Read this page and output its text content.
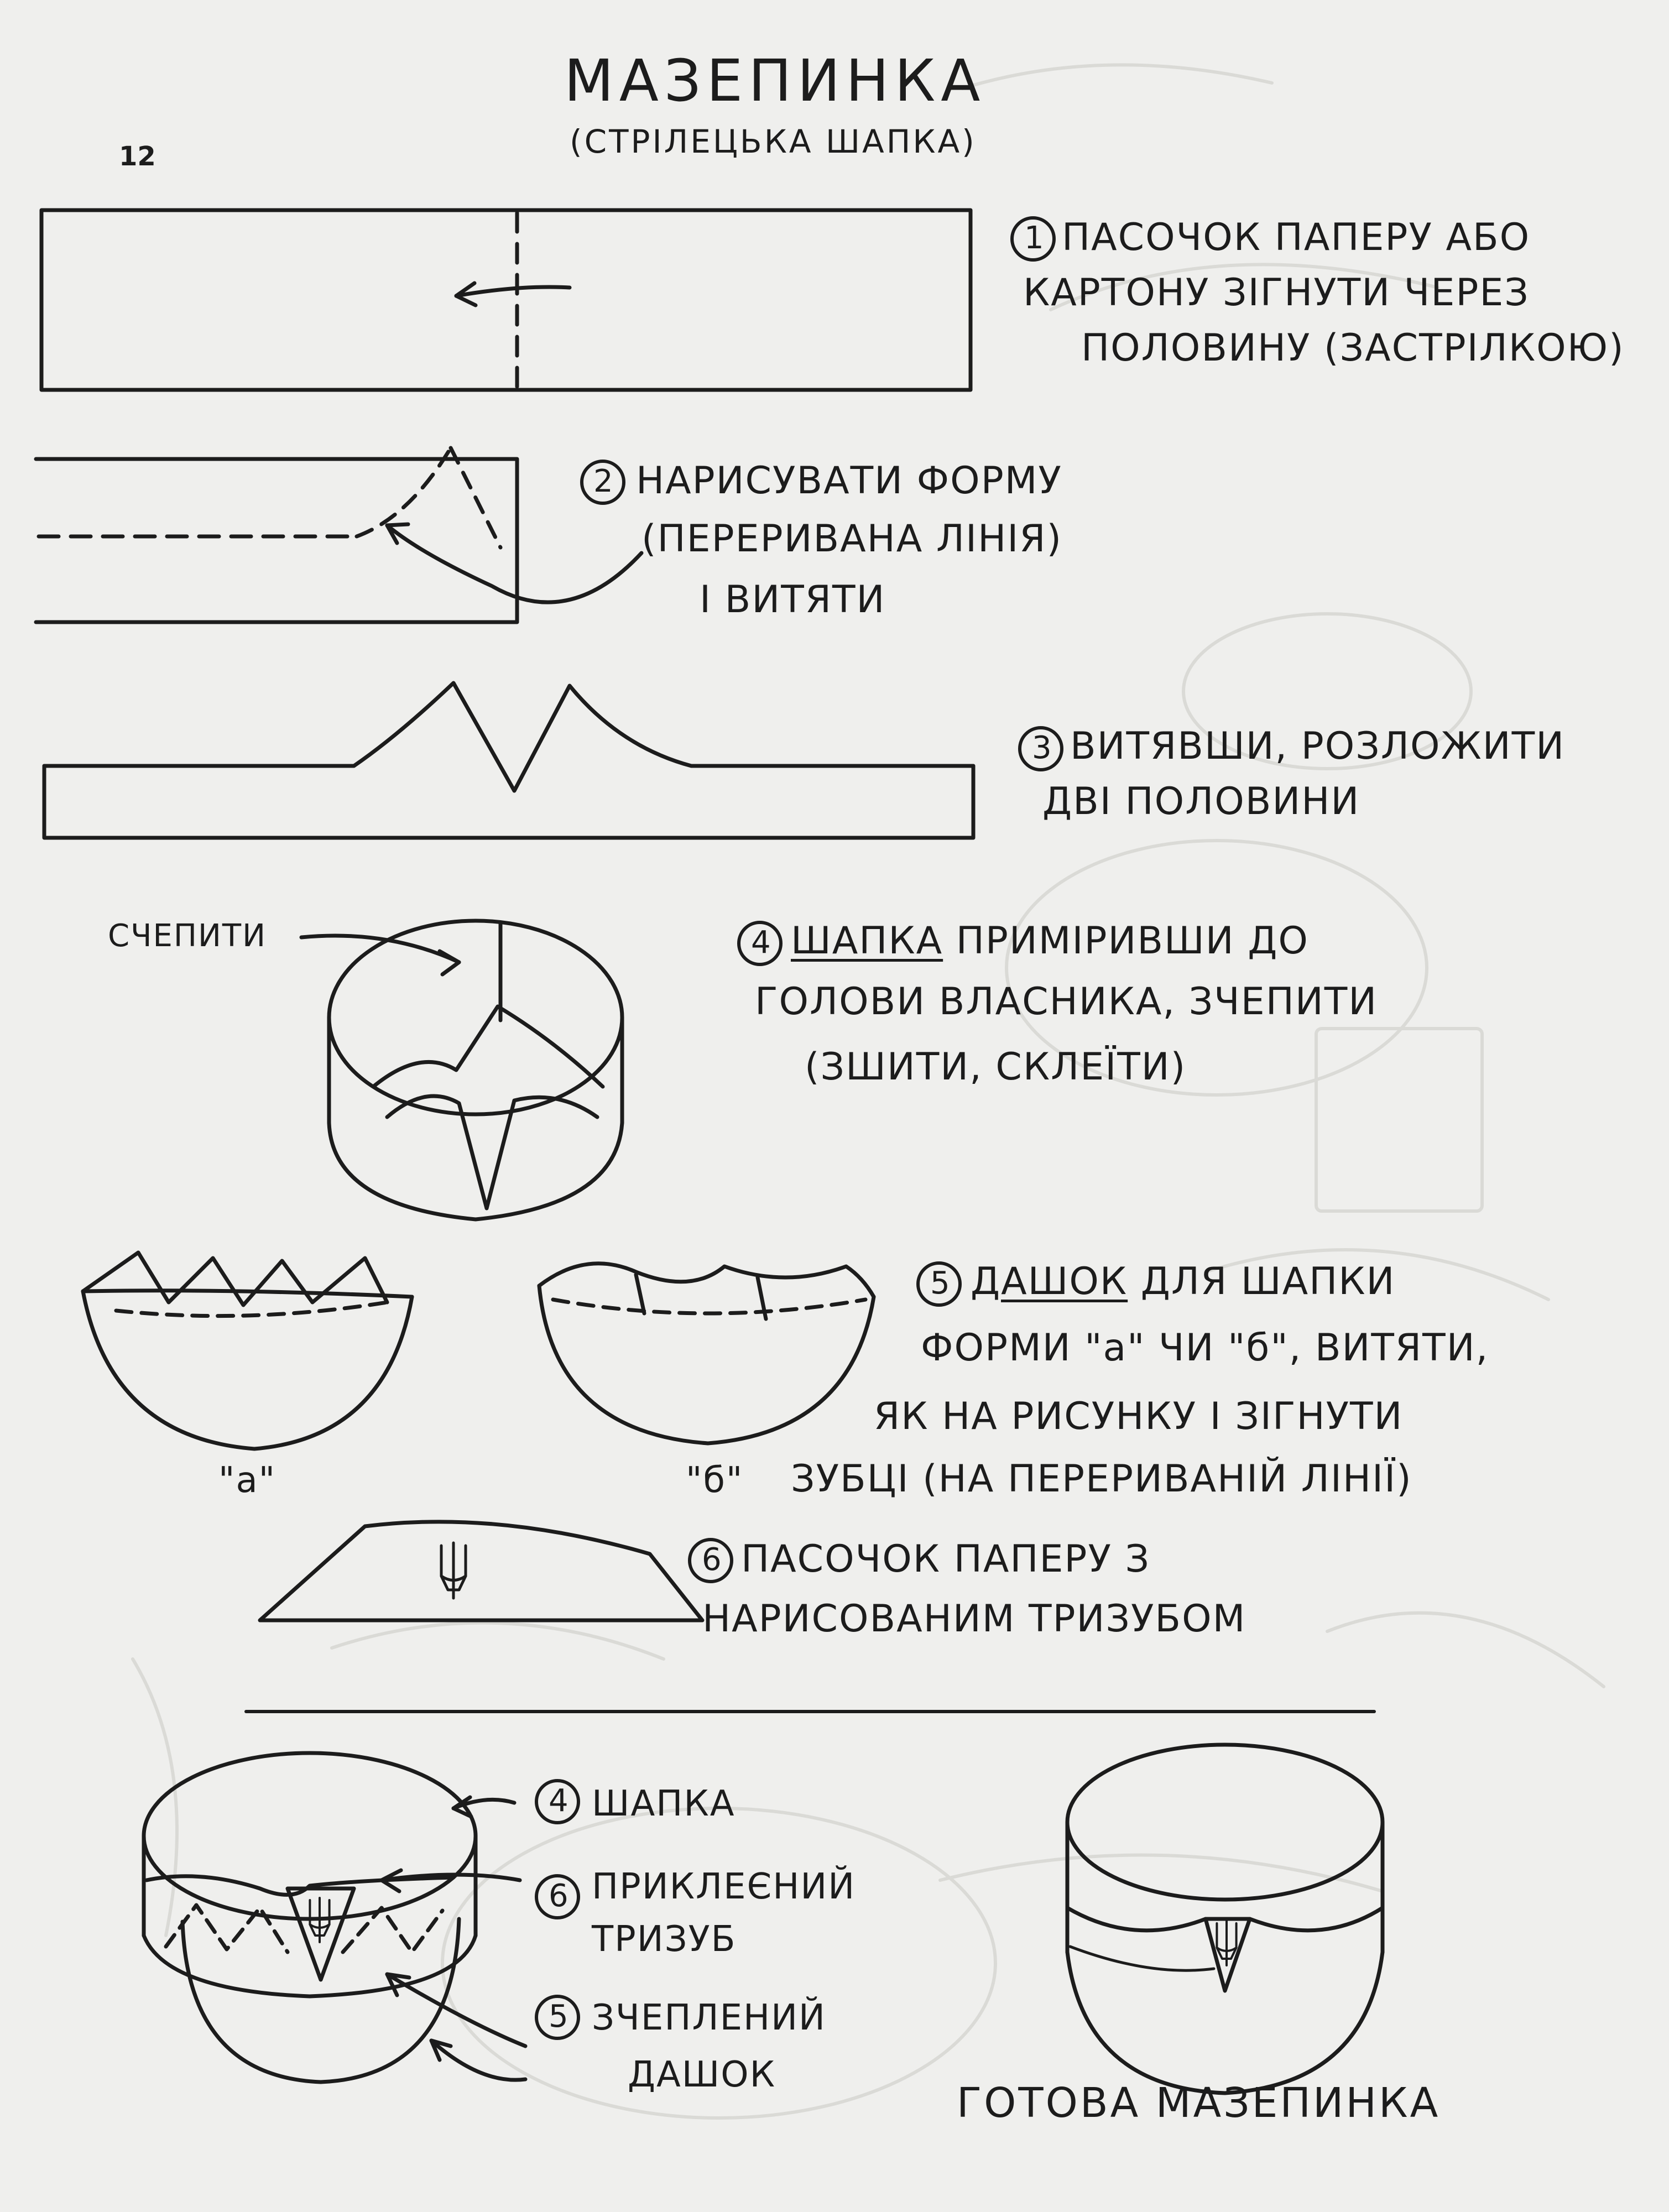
12
МАЗЕПИНКА
(СТРІЛЕЦЬКА ШАПКА)
1
2
3
4
5
6
4
6
5
ПАСОЧОК ПАПЕРУ АБО
КАРТОНУ ЗІГНУТИ ЧЕРЕЗ
ПОЛОВИНУ (ЗАСТРІЛКОЮ)
НАРИСУВАТИ ФОРМУ
(ПЕРЕРИВАНА ЛІНІЯ)
І ВИТЯТИ
ВИТЯВШИ, РОЗЛОЖИТИ
ДВІ ПОЛОВИНИ
СЧЕПИТИ	ШАПКА ПРИМІРИВШИ ДО
ГОЛОВИ ВЛАСНИКА, ЗЧЕПИТИ
(ЗШИТИ, СКЛЕЇТИ)
"а"	"б"
ДАШОК ДЛЯ ШАПКИ
ФОРМИ "а" ЧИ "б", ВИТЯТИ,
ЯК НА РИСУНКУ І ЗІГНУТИ
ЗУБЦІ (НА ПЕРЕРИВАНІЙ ЛІНІЇ)
ПАСОЧОК ПАПЕРУ З
НАРИСОВАНИМ ТРИЗУБОМ
ШАПКА
ПРИКЛЕЄНИЙ
ТРИЗУБ
ЗЧЕПЛЕНИЙ
ДАШОК
ГОТОВА МАЗЕПИНКА
